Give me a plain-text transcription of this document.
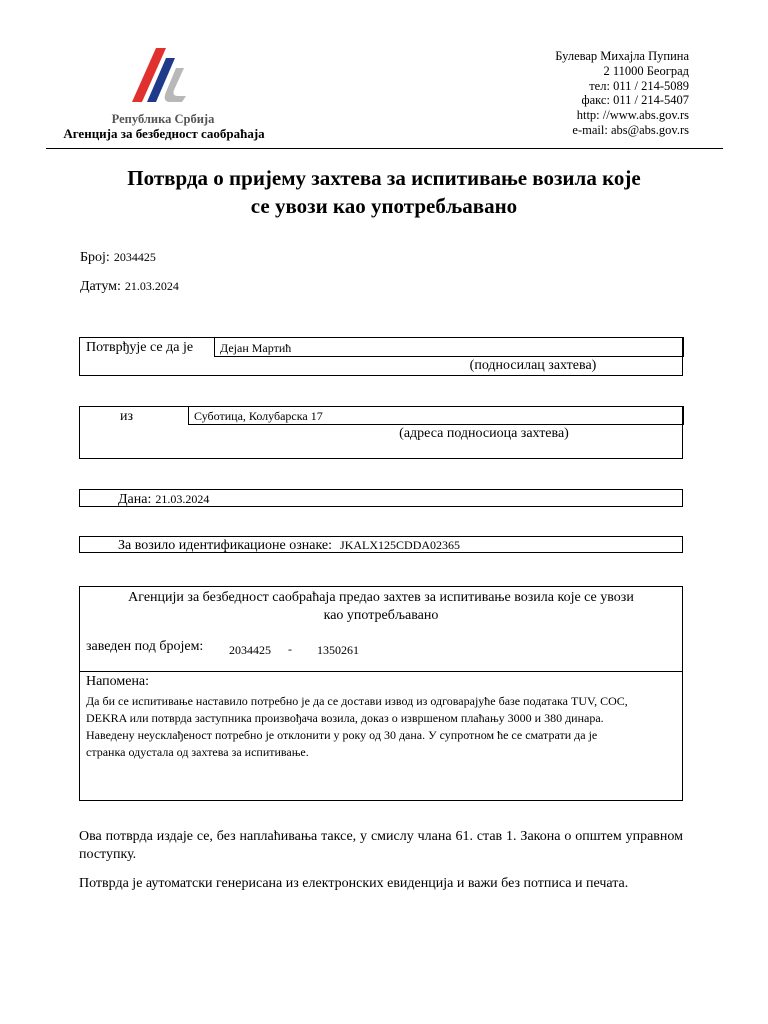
Република Србија
Агенција за безбедност саобраћаја
Булевар Михајла Пупина
2 11000 Београд
тел: 011 / 214-5089
факс: 011 / 214-5407
http: //www.abs.gov.rs
e-mail: abs@abs.gov.rs
Потврда о пријему захтева за испитивање возила које
се увози као употребљавано
Број: 2034425
Датум: 21.03.2024
Потврђује се да је Дејан Мартић
(подносилац захтева)
из	Суботица, Колубарска 17
(адреса подносиоца захтева)
Дана: 21.03.2024
За возило идентификационе ознаке: JKALX125CDDA02365
Агенцији за безбедност саобраћаја предао захтев за испитивање возила које се увози
као употребљавано
заведен под бројем: 2034425 - 1350261
Напомена:
Да би се испитивање наставило потребно је да се достави извод из одговарајуће базе података TUV, COC,
DEKRA или потврда заступника произвођача возила, доказ о извршеном плаћању 3000 и 380 динара.
Наведену неусклађеност потребно је отклонити у року од 30 дана. У супротном ће се сматрати да је
странка одустала од захтева за испитивање.
Ова потврда издаје се, без наплаћивања таксе, у смислу члана 61. став 1. Закона о општем управном поступку.
Потврда је аутоматски генерисана из електронских евиденција и важи без потписа и печата.
